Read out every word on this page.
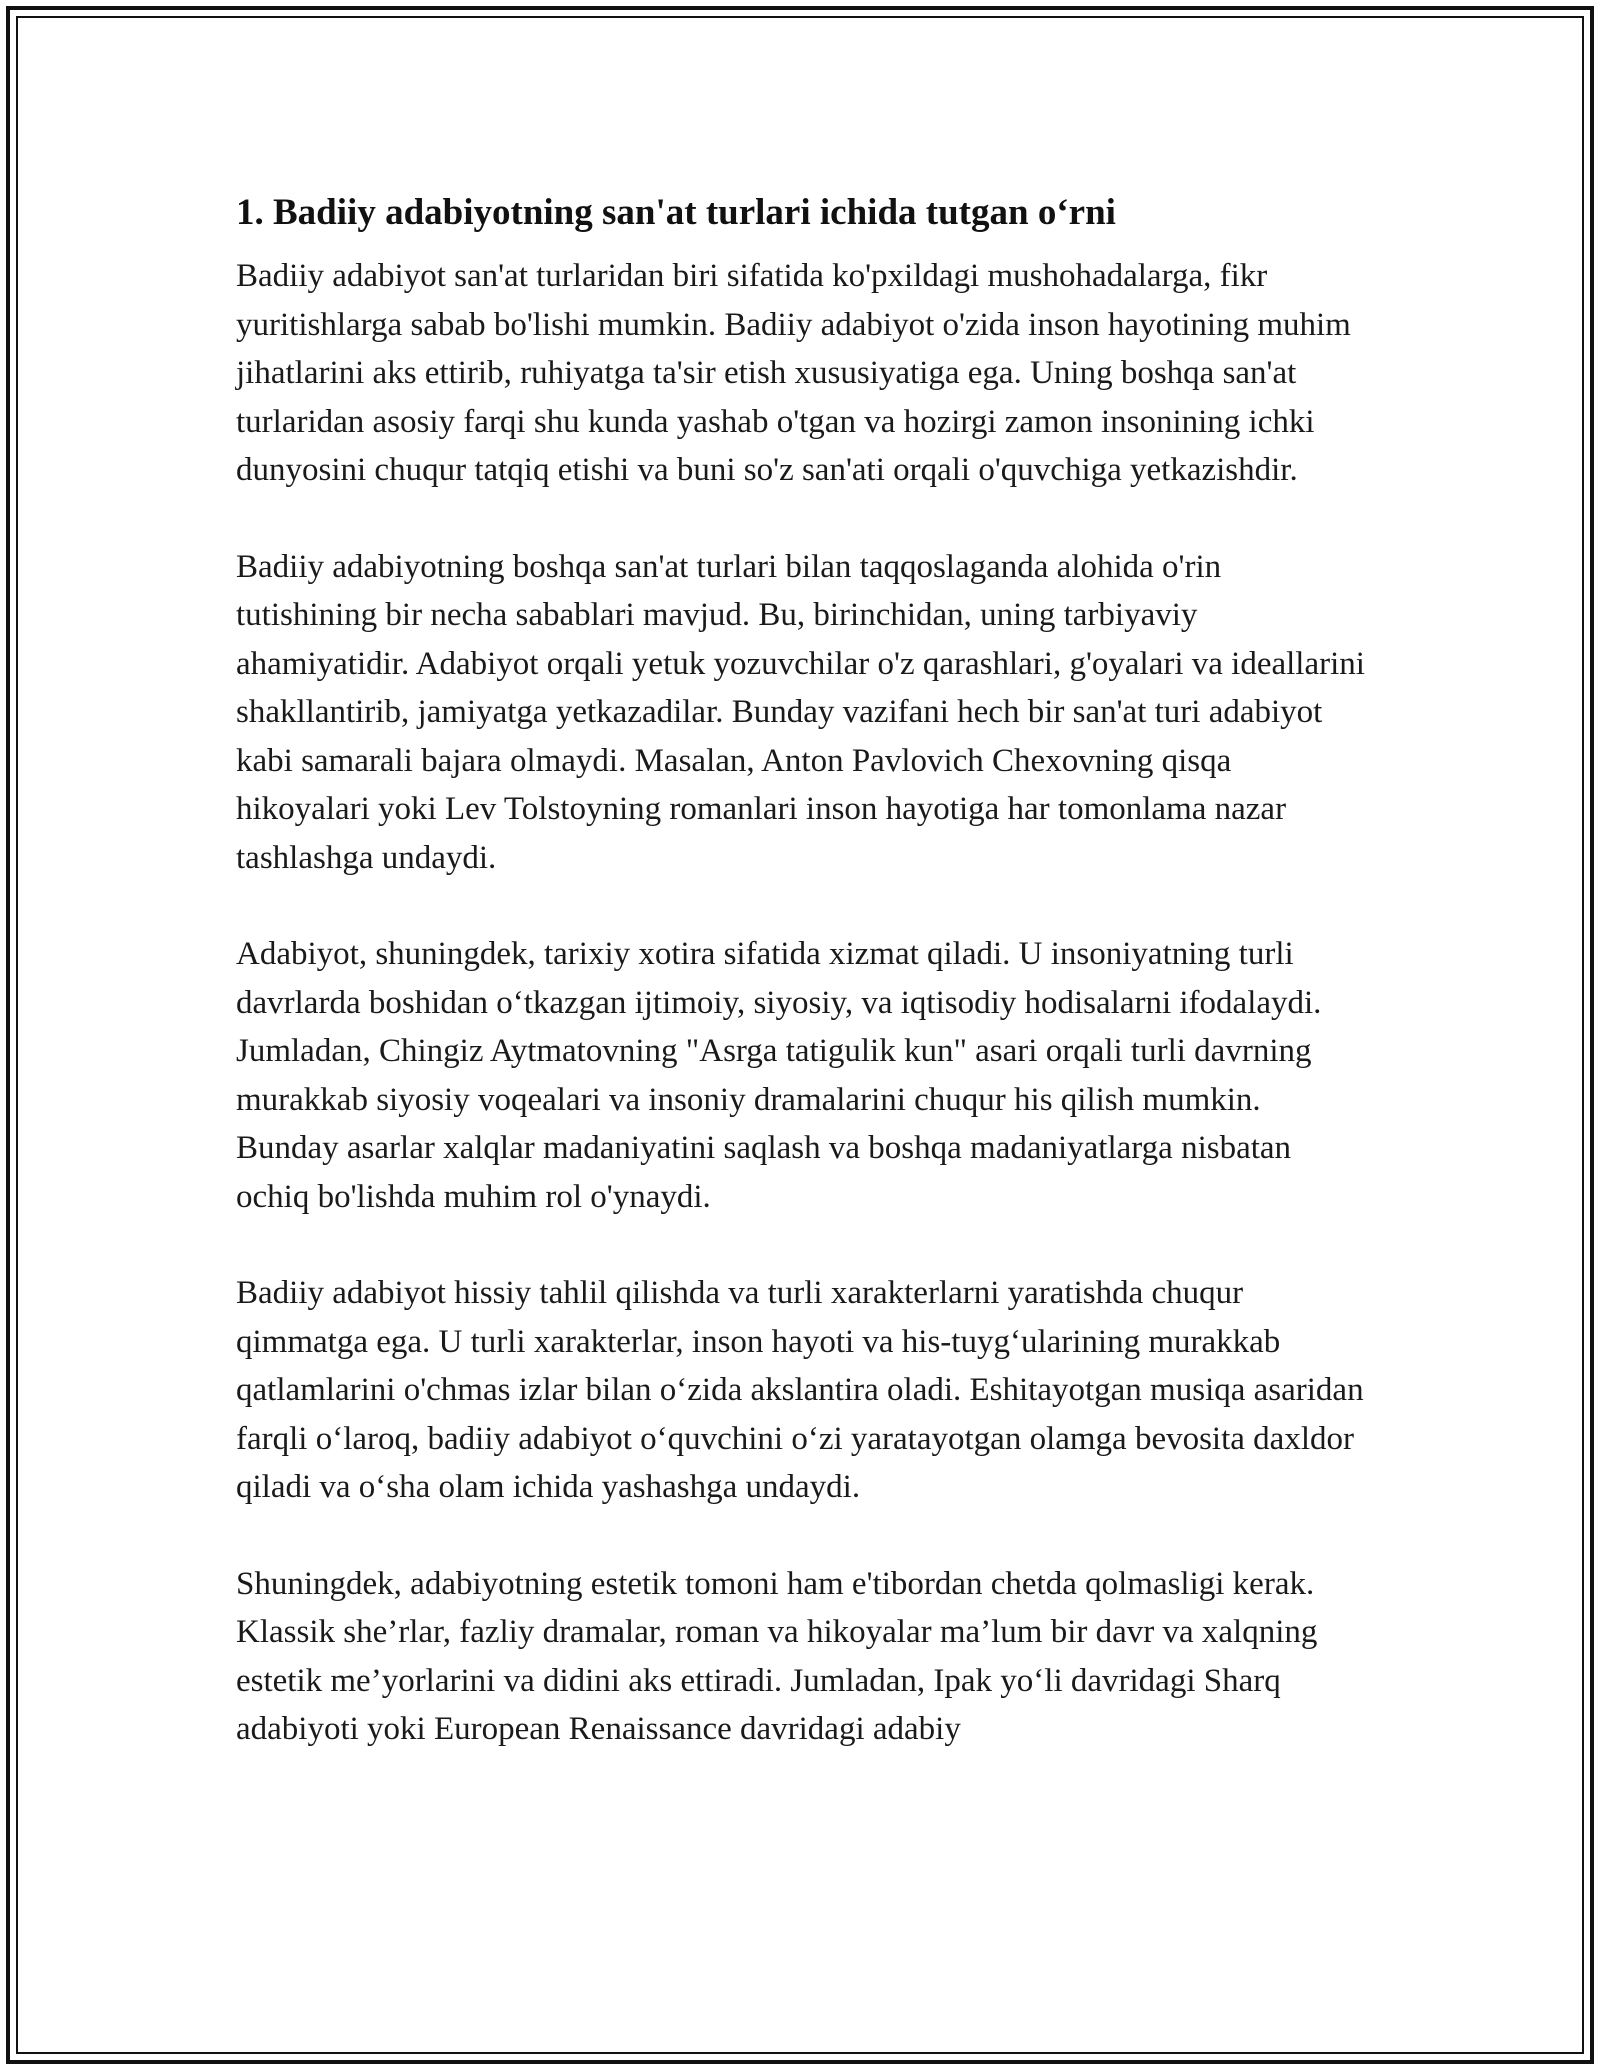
1. Badiiy adabiyotning san'at turlari ichida tutgan o‘rni

Badiiy adabiyot san'at turlaridan biri sifatida ko'pxildagi mushohadalarga, fikr yuritishlarga sabab bo'lishi mumkin. Badiiy adabiyot o'zida inson hayotining muhim jihatlarini aks ettirib, ruhiyatga ta'sir etish xususiyatiga ega. Uning boshqa san'at turlaridan asosiy farqi shu kunda yashab o'tgan va hozirgi zamon insonining ichki dunyosini chuqur tatqiq etishi va buni so'z san'ati orqali o'quvchiga yetkazishdir.

Badiiy adabiyotning boshqa san'at turlari bilan taqqoslaganda alohida o'rin tutishining bir necha sabablari mavjud. Bu, birinchidan, uning tarbiyaviy ahamiyatidir. Adabiyot orqali yetuk yozuvchilar o'z qarashlari, g'oyalari va ideallarini shakllantirib, jamiyatga yetkazadilar. Bunday vazifani hech bir san'at turi adabiyot kabi samarali bajara olmaydi. Masalan, Anton Pavlovich Chexovning qisqa hikoyalari yoki Lev Tolstoyning romanlari inson hayotiga har tomonlama nazar tashlashga undaydi.

Adabiyot, shuningdek, tarixiy xotira sifatida xizmat qiladi. U insoniyatning turli davrlarda boshidan o‘tkazgan ijtimoiy, siyosiy, va iqtisodiy hodisalarni ifodalaydi. Jumladan, Chingiz Aytmatovning "Asrga tatigulik kun" asari orqali turli davrning murakkab siyosiy voqealari va insoniy dramalarini chuqur his qilish mumkin. Bunday asarlar xalqlar madaniyatini saqlash va boshqa madaniyatlarga nisbatan ochiq bo'lishda muhim rol o'ynaydi.

Badiiy adabiyot hissiy tahlil qilishda va turli xarakterlarni yaratishda chuqur qimmatga ega. U turli xarakterlar, inson hayoti va his-tuyg‘ularining murakkab qatlamlarini o'chmas izlar bilan o‘zida akslantira oladi. Eshitayotgan musiqa asaridan farqli o‘laroq, badiiy adabiyot o‘quvchini o‘zi yaratayotgan olamga bevosita daxldor qiladi va o‘sha olam ichida yashashga undaydi.

Shuningdek, adabiyotning estetik tomoni ham e'tibordan chetda qolmasligi kerak. Klassik she’rlar, fazliy dramalar, roman va hikoyalar ma’lum bir davr va xalqning estetik me’yorlarini va didini aks ettiradi. Jumladan, Ipak yo‘li davridagi Sharq adabiyoti yoki European Renaissance davridagi adabiy
